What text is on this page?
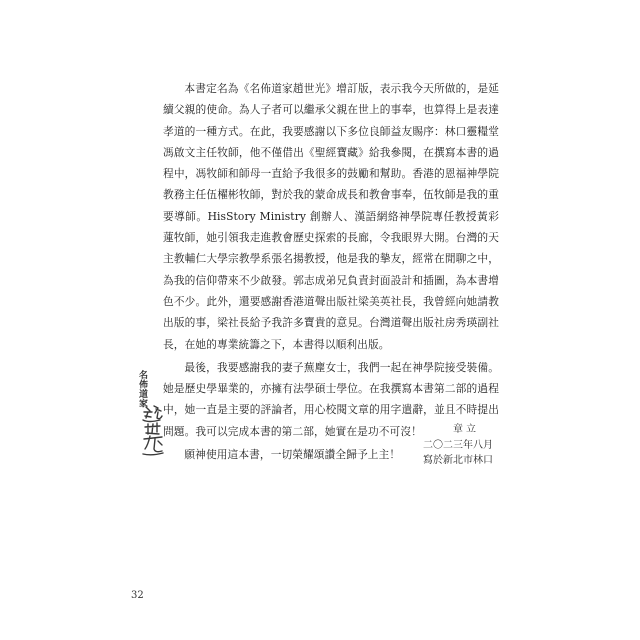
本書定名為《名佈道家趙世光》增訂版，表示我今天所做的，是延續父親的使命。為人子者可以繼承父親在世上的事奉，也算得上是表達孝道的一種方式。在此，我要感謝以下多位良師益友賜序：林口靈糧堂馮啟文主任牧師，他不僅借出《聖經寶藏》給我參閱，在撰寫本書的過程中，馮牧師和師母一直給予我很多的鼓勵和幫助。香港的恩福神學院教務主任伍櫂彬牧師，對於我的蒙命成長和教會事奉，伍牧師是我的重要導師。HisStory Ministry 創辦人、漢語網絡神學院專任教授黃彩蓮牧師，她引領我走進教會歷史探索的長廊，令我眼界大開。台灣的天主教輔仁大學宗教學系張名揚教授，他是我的摯友，經常在閒聊之中，為我的信仰帶來不少啟發。郭志成弟兄負責封面設計和插圖，為本書增色不少。此外，還要感謝香港道聲出版社梁美英社長，我曾經向她請教出版的事，梁社長給予我許多寶貴的意見。台灣道聲出版社房秀瑛副社長，在她的專業統籌之下，本書得以順利出版。

最後，我要感謝我的妻子蕪塵女士，我們一起在神學院接受裝備。她是歷史學畢業的，亦擁有法學碩士學位。在我撰寫本書第二部的過程中，她一直是主要的評論者，用心校閱文章的用字遣辭，並且不時提出問題。我可以完成本書的第二部，她實在是功不可沒！

願神使用這本書，一切榮耀頌讚全歸予上主！

章立
二〇二三年八月
寫於新北市林口
名佈道家
32
